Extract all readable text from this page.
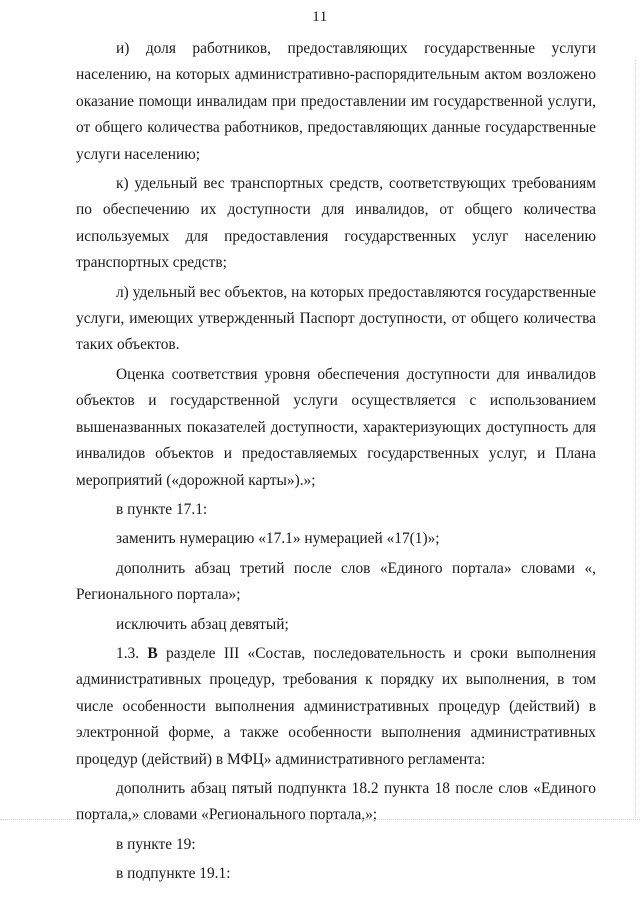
11

и) доля работников, предоставляющих государственные услуги населению, на которых административно-распорядительным актом возложено оказание помощи инвалидам при предоставлении им государственной услуги, от общего количества работников, предоставляющих данные государственные услуги населению;

к) удельный вес транспортных средств, соответствующих требованиям по обеспечению их доступности для инвалидов, от общего количества используемых для предоставления государственных услуг населению транспортных средств;

л) удельный вес объектов, на которых предоставляются государственные услуги, имеющих утвержденный Паспорт доступности, от общего количества таких объектов.

Оценка соответствия уровня обеспечения доступности для инвалидов объектов и государственной услуги осуществляется с использованием вышеназванных показателей доступности, характеризующих доступность для инвалидов объектов и предоставляемых государственных услуг, и Плана мероприятий («дорожной карты»).»;

в пункте 17.1:

заменить нумерацию «17.1» нумерацией «17(1)»;

дополнить абзац третий после слов «Единого портала» словами «, Регионального портала»;

исключить абзац девятый;

1.3. В разделе III «Состав, последовательность и сроки выполнения административных процедур, требования к порядку их выполнения, в том числе особенности выполнения административных процедур (действий) в электронной форме, а также особенности выполнения административных процедур (действий) в МФЦ» административного регламента:

дополнить абзац пятый подпункта 18.2 пункта 18 после слов «Единого портала,» словами «Регионального портала,»;

в пункте 19:

в подпункте 19.1:
